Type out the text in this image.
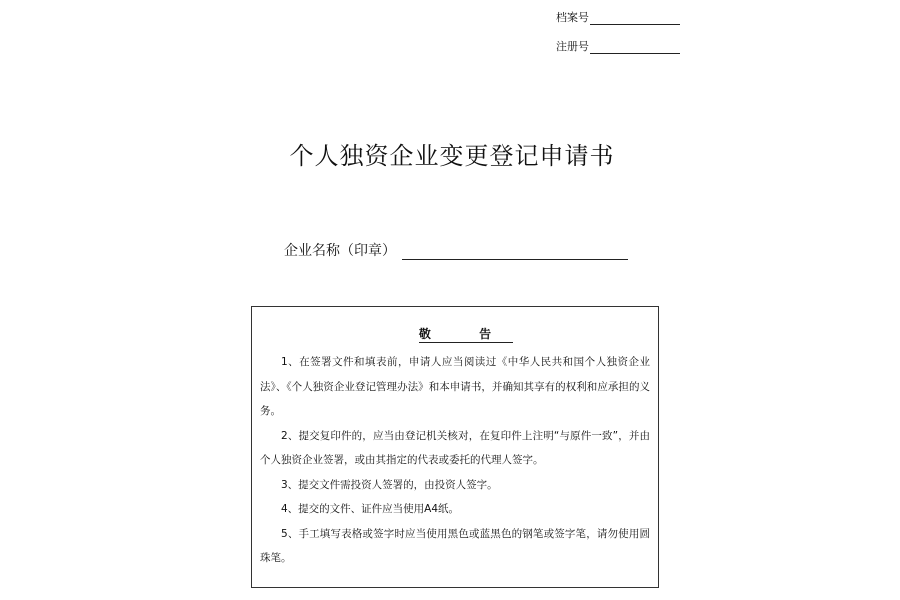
档案号
注册号
个人独资企业变更登记申请书
企业名称（印章）
敬 告

1、在签署文件和填表前，申请人应当阅读过《中华人民共和国个人独资企业法》、《个人独资企业登记管理办法》和本申请书，并确知其享有的权利和应承担的义务。

2、提交复印件的，应当由登记机关核对，在复印件上注明“与原件一致”，并由个人独资企业签署，或由其指定的代表或委托的代理人签字。

3、提交文件需投资人签署的，由投资人签字。

4、提交的文件、证件应当使用A4纸。

5、手工填写表格或签字时应当使用黑色或蓝黑色的钢笔或签字笔，请勿使用圆珠笔。
